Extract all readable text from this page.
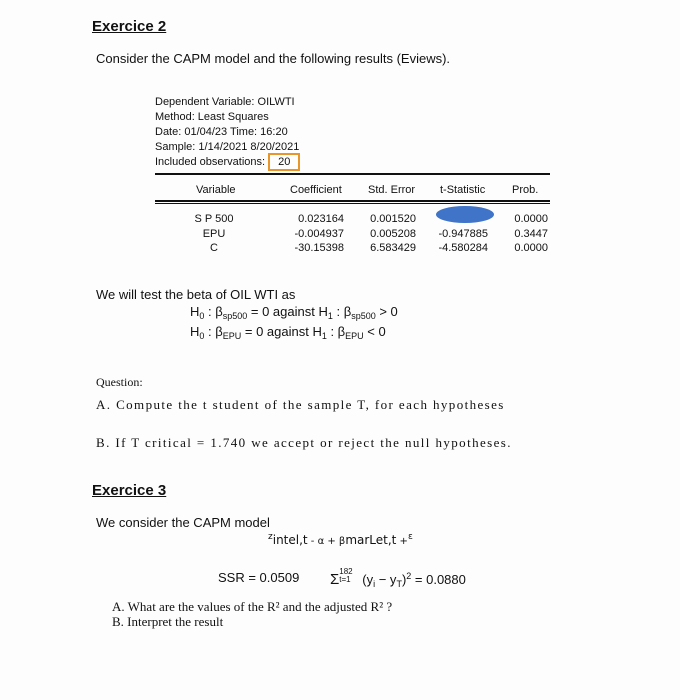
Exercice 2
Consider the CAPM model and the following results (Eviews).
Dependent Variable: OILWTI
Method: Least Squares
Date: 01/04/23 Time: 16:20
Sample: 1/14/2021 8/20/2021
Included observations: 20
Variable	Coefficient Std. Error t-Statistic Prob.
S P 500
EPU
C
0.023164
-0.004937
-30.15398
0.001520
0.005208
6.583429

-0.947885
-4.580284
0.0000
0.3447
0.0000
We will test the beta of OIL WTI as
$H_0$ : $\beta_{sp500} = 0$ against $H_1$ : $\beta_{sp500} > 0$
$H_0$ : $\beta_{EPU} = 0$ against $H_1$ : $\beta_{EPU} < 0$
Question:
A. Compute the t student of the sample T, for each hypotheses
B. If T critical = 1.740 we accept or reject the null hypotheses.
Exercice 3
We consider the CAPM model
$^z$intel,t - α + βmarLet,t +$^\varepsilon$
SSR = 0.0509 Σ 182
t=1 $(y_i - y_T)^2 = 0.0880$
A. What are the values of the R² and the adjusted R² ?
B. Interpret the result
